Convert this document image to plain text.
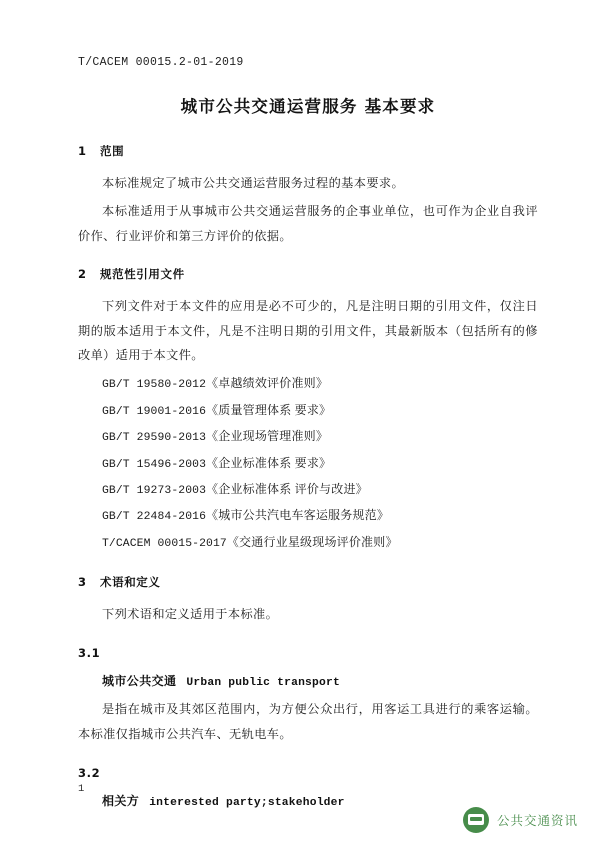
T/CACEM 00015.2-01-2019
城市公共交通运营服务 基本要求
1 范围

本标准规定了城市公共交通运营服务过程的基本要求。

本标准适用于从事城市公共交通运营服务的企事业单位，也可作为企业自我评价作、行业评价和第三方评价的依据。

2 规范性引用文件

下列文件对于本文件的应用是必不可少的，凡是注明日期的引用文件，仅注日期的版本适用于本文件，凡是不注明日期的引用文件，其最新版本（包括所有的修改单）适用于本文件。

GB/T 19580-2012《卓越绩效评价准则》

GB/T 19001-2016《质量管理体系 要求》

GB/T 29590-2013《企业现场管理准则》

GB/T 15496-2003《企业标准体系 要求》

GB/T 19273-2003《企业标准体系 评价与改进》

GB/T 22484-2016《城市公共汽电车客运服务规范》

T/CACEM 00015-2017《交通行业星级现场评价准则》

3 术语和定义

下列术语和定义适用于本标准。

3.1
城市公共交通 Urban public transport

是指在城市及其郊区范围内，为方便公众出行，用客运工具进行的乘客运输。本标准仅指城市公共汽车、无轨电车。

3.2
相关方 interested party;stakeholder
1
公共交通资讯
